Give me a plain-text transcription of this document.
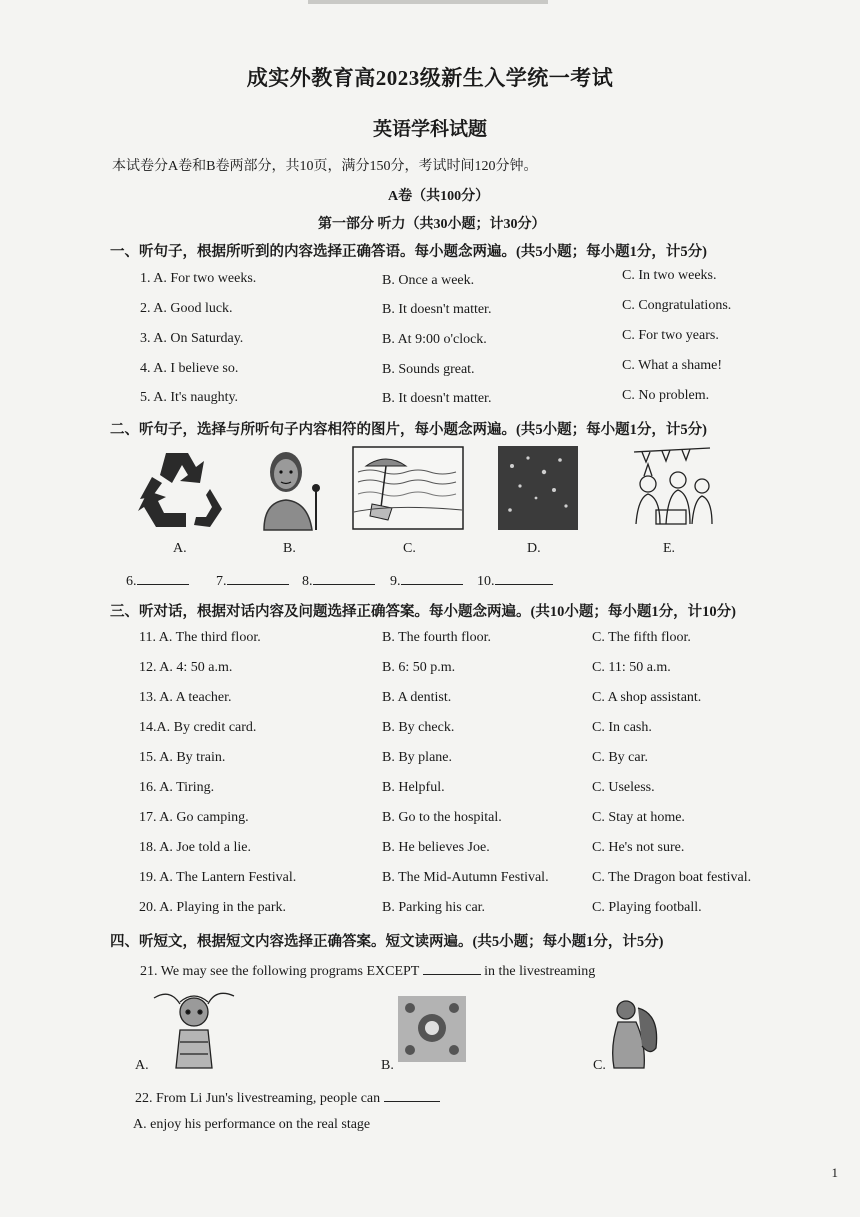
成实外教育高2023级新生入学统一考试
英语学科试题
本试卷分A卷和B卷两部分，共10页，满分150分，考试时间120分钟。
A卷（共100分）
第一部分 听力（共30小题；计30分）
一、听句子，根据所听到的内容选择正确答语。每小题念两遍。(共5小题；每小题1分，计5分)
1. A. For two weeks.	B. Once a week.	C. In two weeks.
2. A. Good luck.	B. It doesn't matter.	C. Congratulations.
3. A. On Saturday.	B. At 9:00 o'clock.	C. For two years.
4. A. I believe so.	B. Sounds great.	C. What a shame!
5. A. It's naughty.	B. It doesn't matter.	C. No problem.
二、听句子，选择与所听句子内容相符的图片，每小题念两遍。(共5小题；每小题1分，计5分)
A.	B.	C.	D.	E.
6.	7.	8.	9.	10.
三、听对话，根据对话内容及问题选择正确答案。每小题念两遍。(共10小题；每小题1分，计10分)
11. A. The third floor.	B. The fourth floor.	C. The fifth floor.
12. A. 4: 50 a.m.	B. 6: 50 p.m.	C. 11: 50 a.m.
13. A. A teacher.	B. A dentist.	C. A shop assistant.
14.A. By credit card.	B. By check.	C. In cash.
15. A. By train.	B. By plane.	C. By car.
16. A. Tiring.	B. Helpful.	C. Useless.
17. A. Go camping.	B. Go to the hospital.	C. Stay at home.
18. A. Joe told a lie.	B. He believes Joe.	C. He's not sure.
19. A. The Lantern Festival.	B. The Mid-Autumn Festival.	C. The Dragon boat festival.
20. A. Playing in the park.	B. Parking his car.	C. Playing football.
四、听短文，根据短文内容选择正确答案。短文读两遍。(共5小题；每小题1分，计5分)
21. We may see the following programs EXCEPT	in the livestreaming
A.	B.	C.
22. From Li Jun's livestreaming, people can
A. enjoy his performance on the real stage
1
